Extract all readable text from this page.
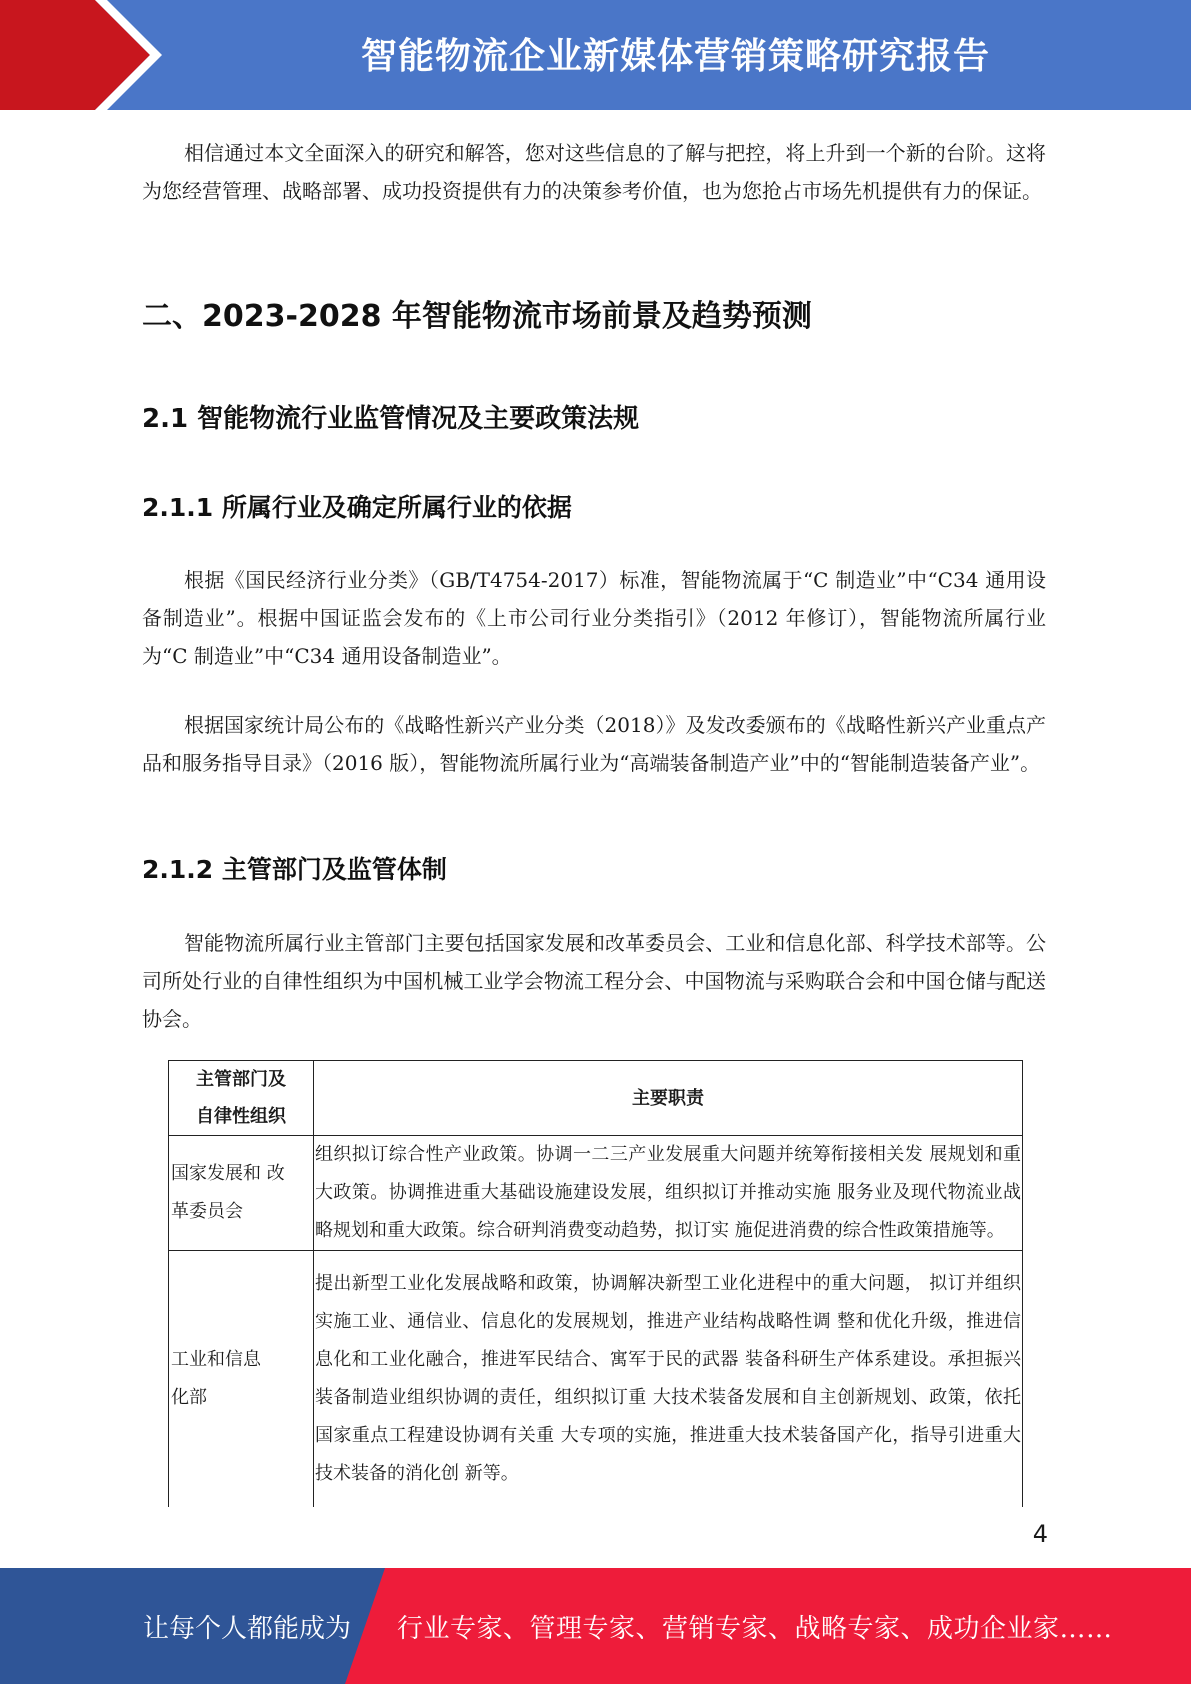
智能物流企业新媒体营销策略研究报告

相信通过本文全面深入的研究和解答，您对这些信息的了解与把控，将上升到一个新的台阶。这将为您经营管理、战略部署、成功投资提供有力的决策参考价值，也为您抢占市场先机提供有力的保证。

二、2023-2028 年智能物流市场前景及趋势预测
2.1 智能物流行业监管情况及主要政策法规
2.1.1 所属行业及确定所属行业的依据

根据《国民经济行业分类》（GB/T4754-2017）标准，智能物流属于“C 制造业”中“C34 通用设备制造业”。根据中国证监会发布的《上市公司行业分类指引》（2012 年修订），智能物流所属行业为“C 制造业”中“C34 通用设备制造业”。

根据国家统计局公布的《战略性新兴产业分类（2018）》及发改委颁布的《战略性新兴产业重点产品和服务指导目录》（2016 版），智能物流所属行业为“高端装备制造产业”中的“智能制造装备产业”。

2.1.2 主管部门及监管体制

智能物流所属行业主管部门主要包括国家发展和改革委员会、工业和信息化部、科学技术部等。公司所处行业的自律性组织为中国机械工业学会物流工程分会、中国物流与采购联合会和中国仓储与配送协会。

主管部门及
自律性组织	主要职责

国家发展和 改
革委员会	组织拟订综合性产业政策。协调一二三产业发展重大问题并统筹衔接相关发 展规划和重大政策。协调推进重大基础设施建设发展，组织拟订并推动实施 服务业及现代物流业战略规划和重大政策。综合研判消费变动趋势，拟订实 施促进消费的综合性政策措施等。

工业和信息
化部	提出新型工业化发展战略和政策，协调解决新型工业化进程中的重大问题， 拟订并组织实施工业、通信业、信息化的发展规划，推进产业结构战略性调 整和优化升级，推进信息化和工业化融合，推进军民结合、寓军于民的武器 装备科研生产体系建设。承担振兴装备制造业组织协调的责任，组织拟订重 大技术装备发展和自主创新规划、政策，依托国家重点工程建设协调有关重 大专项的实施，推进重大技术装备国产化，指导引进重大技术装备的消化创 新等。
4
让每个人都能成为 行业专家、管理专家、营销专家、战略专家、成功企业家……
